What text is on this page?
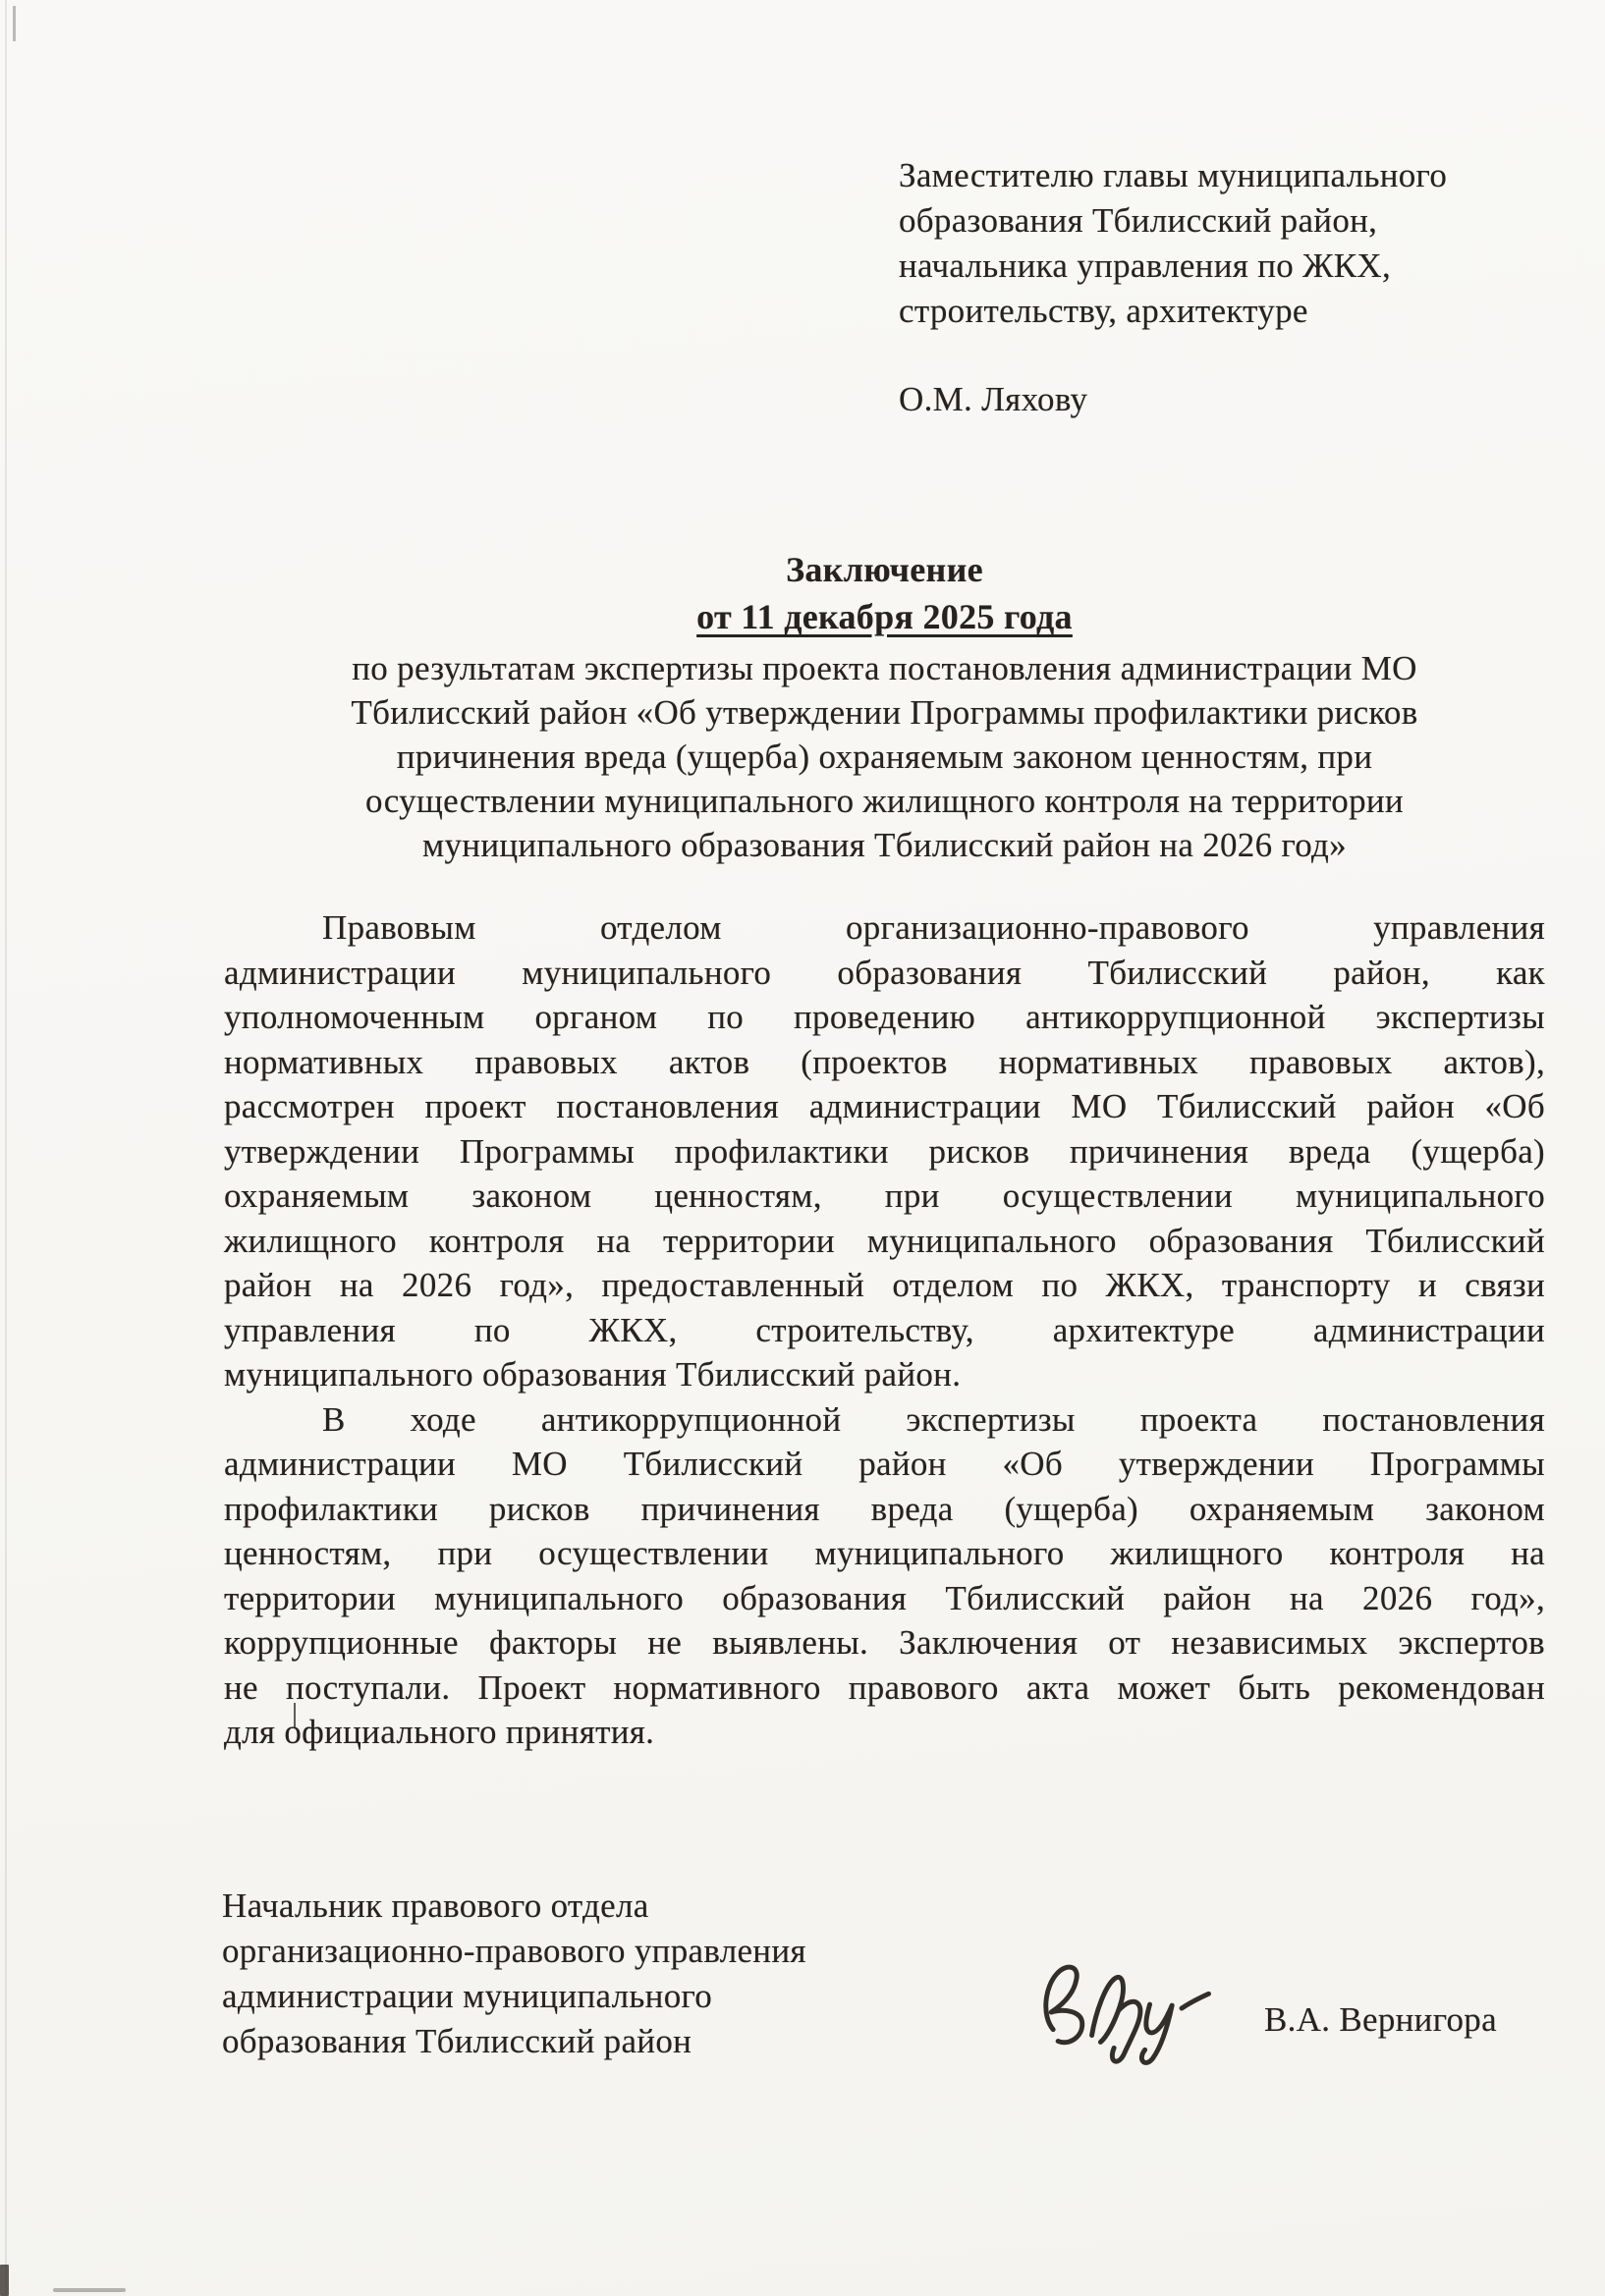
Заместителю главы муниципального
образования Тбилисский район,
начальника управления по ЖКХ,
строительству, архитектуре
О.М. Ляхову
Заключение
от 11 декабря 2025 года
по результатам экспертизы проекта постановления администрации МО
Тбилисский район «Об утверждении Программы профилактики рисков
причинения вреда (ущерба) охраняемым законом ценностям, при
осуществлении муниципального жилищного контроля на территории
муниципального образования Тбилисский район на 2026 год»
Правовым отделом организационно-правового управления
администрации муниципального образования Тбилисский район, как
уполномоченным органом по проведению антикоррупционной экспертизы
нормативных правовых актов (проектов нормативных правовых актов),
рассмотрен проект постановления администрации МО Тбилисский район «Об
утверждении Программы профилактики рисков причинения вреда (ущерба)
охраняемым законом ценностям, при осуществлении муниципального
жилищного контроля на территории муниципального образования Тбилисский
район на 2026 год», предоставленный отделом по ЖКХ, транспорту и связи
управления по ЖКХ, строительству, архитектуре администрации
муниципального образования Тбилисский район.
В ходе антикоррупционной экспертизы проекта постановления
администрации МО Тбилисский район «Об утверждении Программы
профилактики рисков причинения вреда (ущерба) охраняемым законом
ценностям, при осуществлении муниципального жилищного контроля на
территории муниципального образования Тбилисский район на 2026 год»,
коррупционные факторы не выявлены. Заключения от независимых экспертов
не поступали. Проект нормативного правового акта может быть рекомендован
для официального принятия.
Начальник правового отдела
организационно-правового управления
администрации муниципального
образования Тбилисский район
В.А. Вернигора
